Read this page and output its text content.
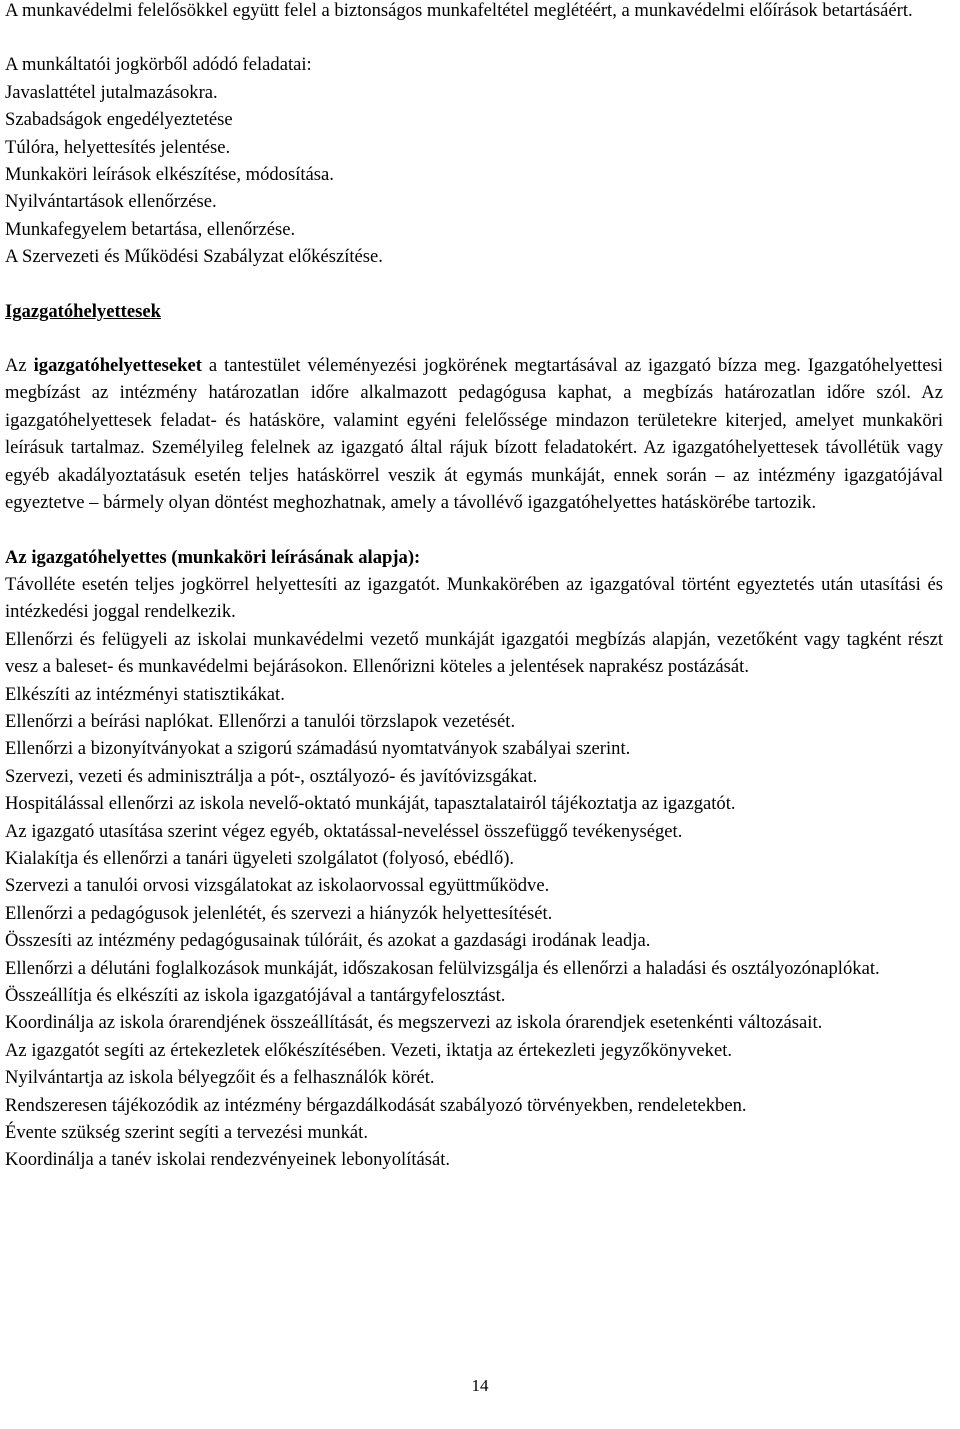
A munkavédelmi felelősökkel együtt felel a biztonságos munkafeltétel meglétéért, a munkavédelmi előírások betartásáért.

A munkáltatói jogkörből adódó feladatai:

Javaslattétel jutalmazásokra.

Szabadságok engedélyeztetése

Túlóra, helyettesítés jelentése.

Munkaköri leírások elkészítése, módosítása.

Nyilvántartások ellenőrzése.

Munkafegyelem betartása, ellenőrzése.

A Szervezeti és Működési Szabályzat előkészítése.

Igazgatóhelyettesek

Az igazgatóhelyetteseket a tantestület véleményezési jogkörének megtartásával az igazgató bízza meg. Igazgatóhelyettesi megbízást az intézmény határozatlan időre alkalmazott pedagógusa kaphat, a megbízás határozatlan időre szól. Az igazgatóhelyettesek feladat- és hatásköre, valamint egyéni felelőssége mindazon területekre kiterjed, amelyet munkaköri leírásuk tartalmaz. Személyileg felelnek az igazgató által rájuk bízott feladatokért. Az igazgatóhelyettesek távollétük vagy egyéb akadályoztatásuk esetén teljes hatáskörrel veszik át egymás munkáját, ennek során – az intézmény igazgatójával egyeztetve – bármely olyan döntést meghozhatnak, amely a távollévő igazgatóhelyettes hatáskörébe tartozik.

Az igazgatóhelyettes (munkaköri leírásának alapja):

Távolléte esetén teljes jogkörrel helyettesíti az igazgatót. Munkakörében az igazgatóval történt egyeztetés után utasítási és intézkedési joggal rendelkezik.

Ellenőrzi és felügyeli az iskolai munkavédelmi vezető munkáját igazgatói megbízás alapján, vezetőként vagy tagként részt vesz a baleset- és munkavédelmi bejárásokon. Ellenőrizni köteles a jelentések naprakész postázását.

Elkészíti az intézményi statisztikákat.

Ellenőrzi a beírási naplókat. Ellenőrzi a tanulói törzslapok vezetését.

Ellenőrzi a bizonyítványokat a szigorú számadású nyomtatványok szabályai szerint.

Szervezi, vezeti és adminisztrálja a pót-, osztályozó- és javítóvizsgákat.

Hospitálással ellenőrzi az iskola nevelő-oktató munkáját, tapasztalatairól tájékoztatja az igazgatót.

Az igazgató utasítása szerint végez egyéb, oktatással-neveléssel összefüggő tevékenységet.

Kialakítja és ellenőrzi a tanári ügyeleti szolgálatot (folyosó, ebédlő).

Szervezi a tanulói orvosi vizsgálatokat az iskolaorvossal együttműködve.

Ellenőrzi a pedagógusok jelenlétét, és szervezi a hiányzók helyettesítését.

Összesíti az intézmény pedagógusainak túlóráit, és azokat a gazdasági irodának leadja.

Ellenőrzi a délutáni foglalkozások munkáját, időszakosan felülvizsgálja és ellenőrzi a haladási és osztályozónaplókat.

Összeállítja és elkészíti az iskola igazgatójával a tantárgyfelosztást.

Koordinálja az iskola órarendjének összeállítását, és megszervezi az iskola órarendjek esetenkénti változásait.

Az igazgatót segíti az értekezletek előkészítésében. Vezeti, iktatja az értekezleti jegyzőkönyveket.

Nyilvántartja az iskola bélyegzőit és a felhasználók körét.

Rendszeresen tájékozódik az intézmény bérgazdálkodását szabályozó törvényekben, rendeletekben.

Évente szükség szerint segíti a tervezési munkát.

Koordinálja a tanév iskolai rendezvényeinek lebonyolítását.

14
